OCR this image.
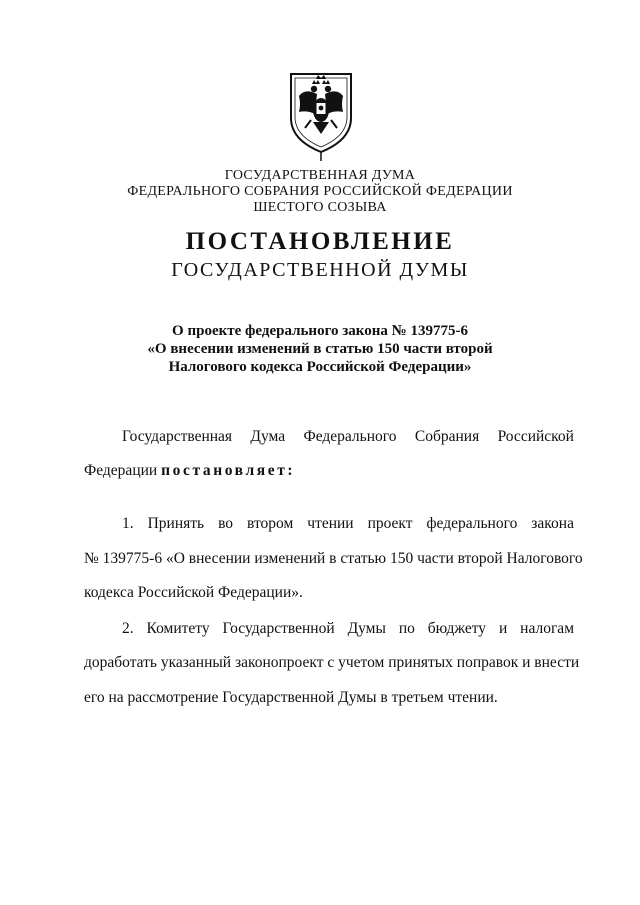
ГОСУДАРСТВЕННАЯ ДУМА
ФЕДЕРАЛЬНОГО СОБРАНИЯ РОССИЙСКОЙ ФЕДЕРАЦИИ
ШЕСТОГО СОЗЫВА
ПОСТАНОВЛЕНИЕ
ГОСУДАРСТВЕННОЙ ДУМЫ
О проекте федерального закона № 139775-6
«О внесении изменений в статью 150 части второй
Налогового кодекса Российской Федерации»
Государственная Дума Федерального Собрания Российской
Федерации постановляет:
1. Принять во втором чтении проект федерального закона
№ 139775-6 «О внесении изменений в статью 150 части второй Налогового
кодекса Российской Федерации».
2. Комитету Государственной Думы по бюджету и налогам
доработать указанный законопроект с учетом принятых поправок и внести
его на рассмотрение Государственной Думы в третьем чтении.
